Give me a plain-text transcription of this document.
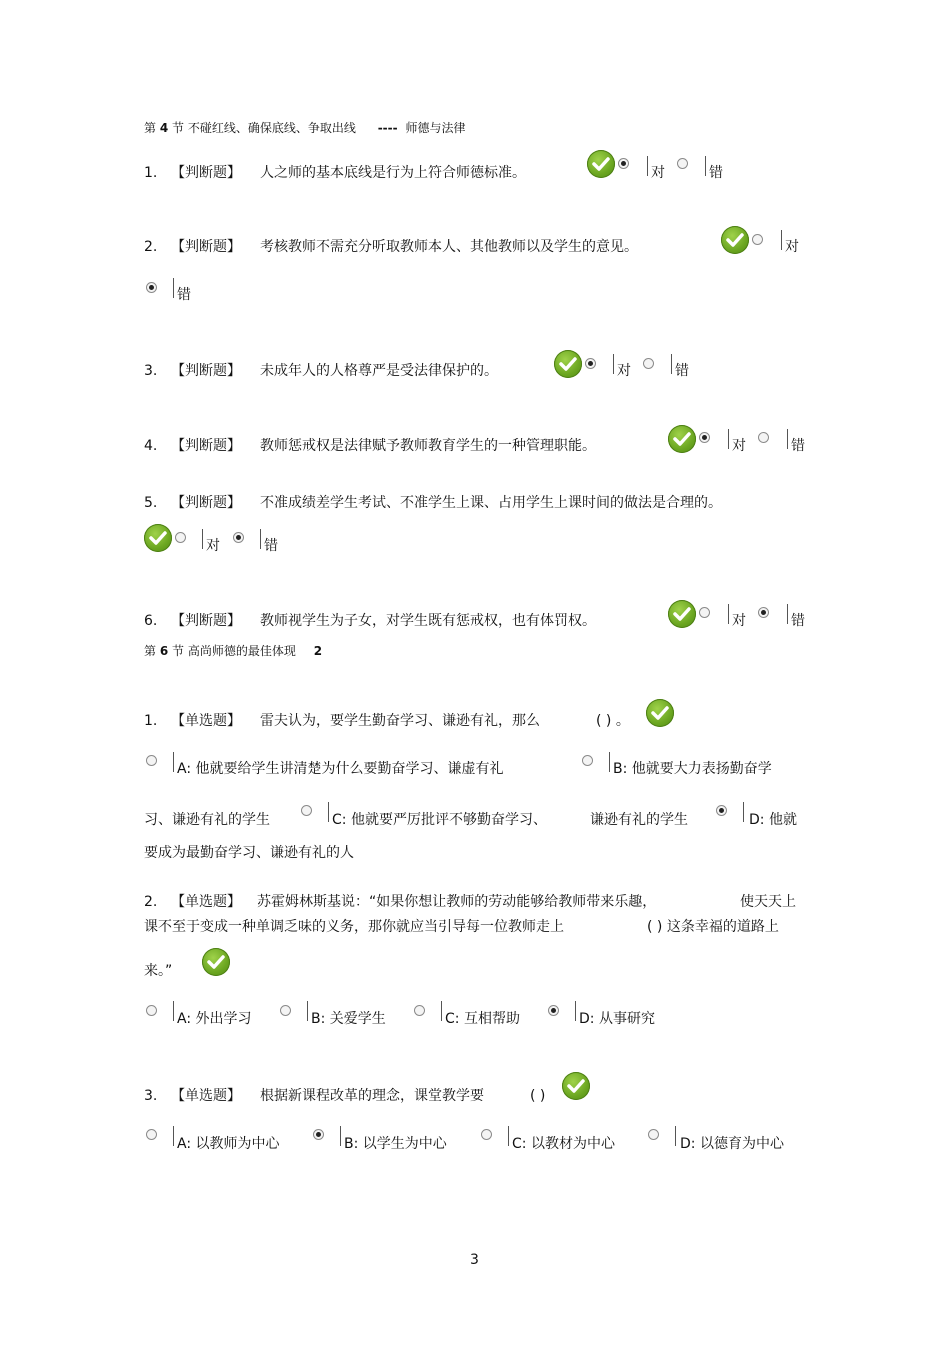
第 4 节 不碰红线、确保底线、争取出线 ---- 师德与法律
1. 【判断题】 人之师的基本底线是行为上符合师德标准。	对	错
2. 【判断题】 考核教师不需充分听取教师本人、其他教师以及学生的意见。	对
错
3. 【判断题】 未成年人的人格尊严是受法律保护的。	对	错
4. 【判断题】 教师惩戒权是法律赋予教师教育学生的一种管理职能。	对	错
5. 【判断题】 不准成绩差学生考试、不准学生上课、占用学生上课时间的做法是合理的。
对	错
6. 【判断题】 教师视学生为子女，对学生既有惩戒权，也有体罚权。	对	错
第 6 节 高尚师德的最佳体现 2
1. 【单选题】 雷夫认为，要学生勤奋学习、谦逊有礼，那么	( ) 。
A: 他就要给学生讲清楚为什么要勤奋学习、谦虚有礼	B: 他就要大力表扬勤奋学
习、谦逊有礼的学生	C: 他就要严厉批评不够勤奋学习、	谦逊有礼的学生	D: 他就
要成为最勤奋学习、谦逊有礼的人
2. 【单选题】 苏霍姆林斯基说：“如果你想让教师的劳动能够给教师带来乐趣，	使天天上
课不至于变成一种单调乏味的义务，那你就应当引导每一位教师走上	( ) 这条幸福的道路上
来。”
A: 外出学习	B: 关爱学生	C: 互相帮助	D: 从事研究
3. 【单选题】 根据新课程改革的理念，课堂教学要	( )
A: 以教师为中心	B: 以学生为中心	C: 以教材为中心	D: 以德育为中心
3
